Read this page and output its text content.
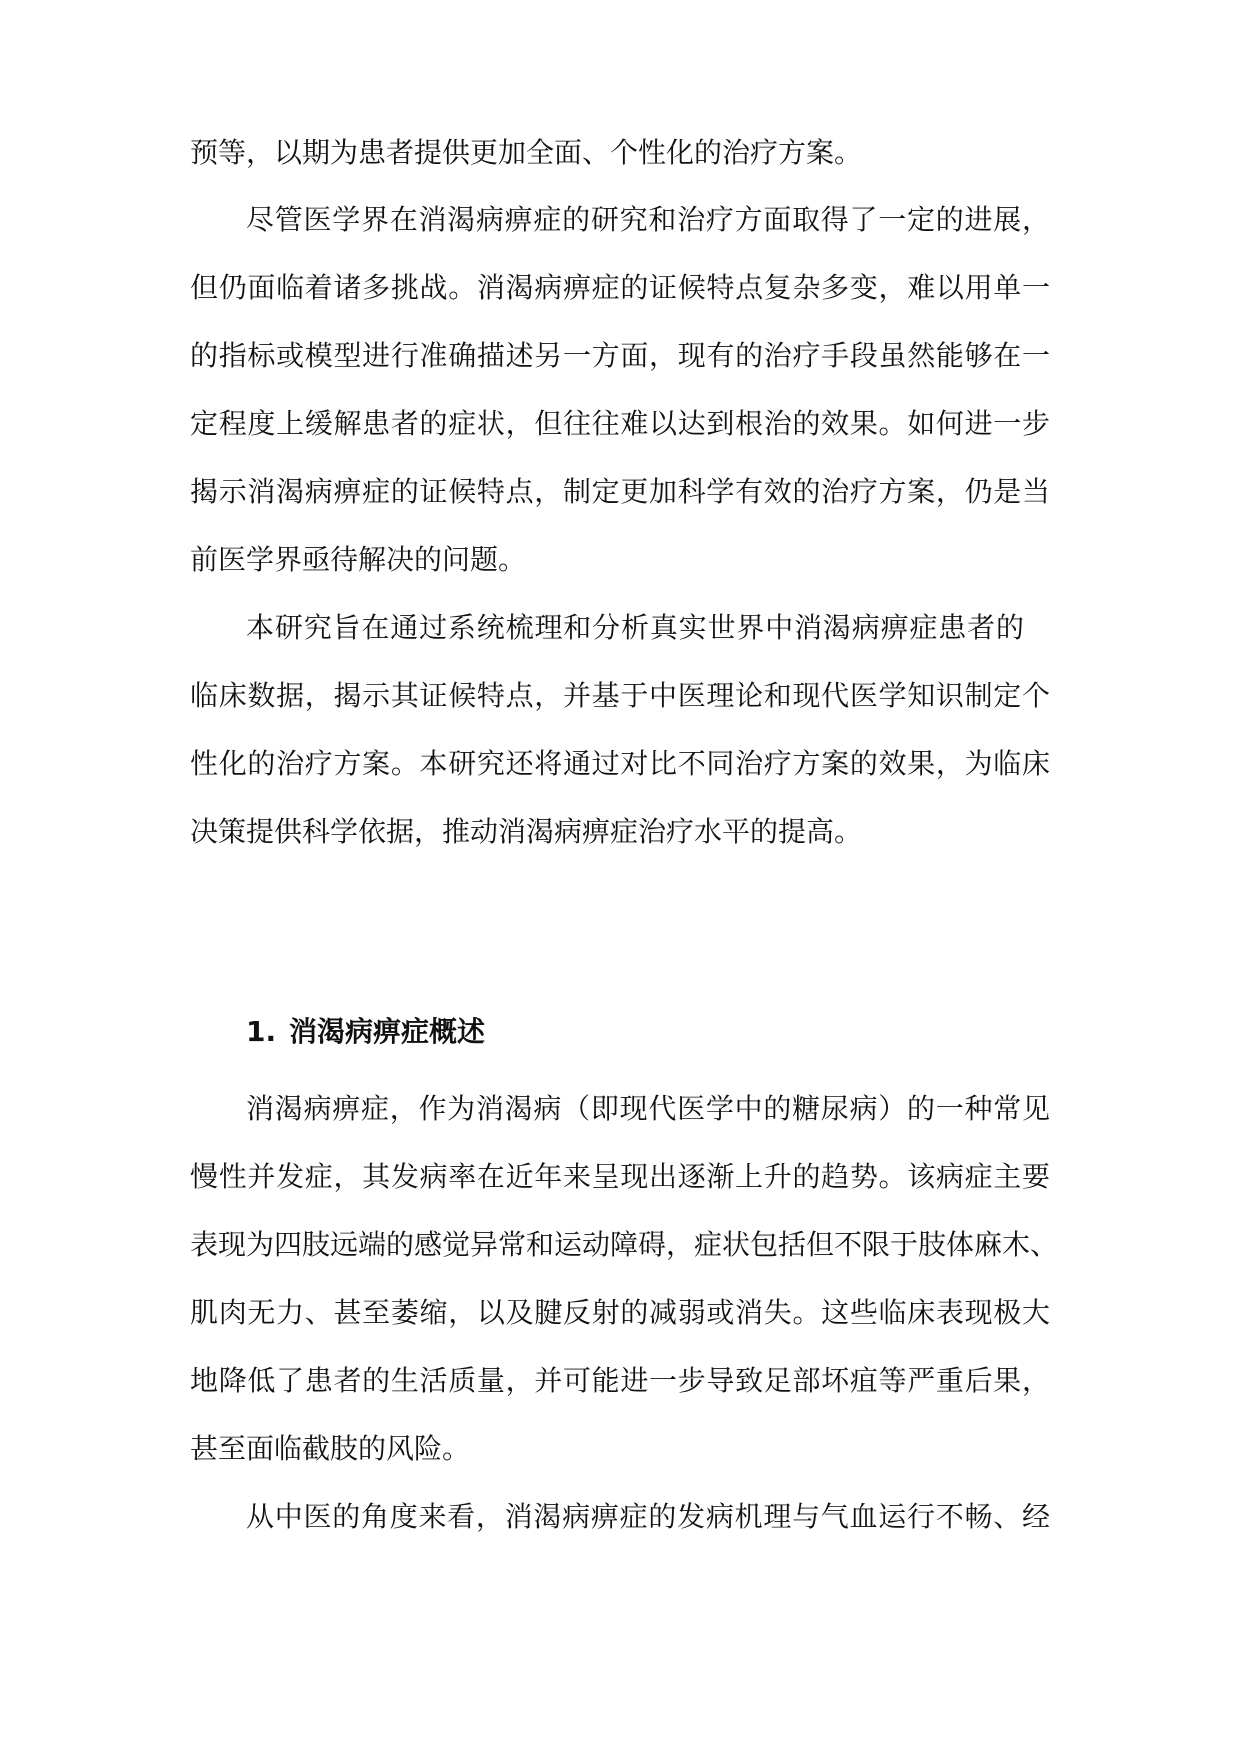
预等，以期为患者提供更加全面、个性化的治疗方案。
尽管医学界在消渴病痹症的研究和治疗方面取得了一定的进展，
但仍面临着诸多挑战。消渴病痹症的证候特点复杂多变，难以用单一
的指标或模型进行准确描述另一方面，现有的治疗手段虽然能够在一
定程度上缓解患者的症状，但往往难以达到根治的效果。如何进一步
揭示消渴病痹症的证候特点，制定更加科学有效的治疗方案，仍是当
前医学界亟待解决的问题。
本研究旨在通过系统梳理和分析真实世界中消渴病痹症患者的
临床数据，揭示其证候特点，并基于中医理论和现代医学知识制定个
性化的治疗方案。本研究还将通过对比不同治疗方案的效果，为临床
决策提供科学依据，推动消渴病痹症治疗水平的提高。
1. 消渴病痹症概述
消渴病痹症，作为消渴病（即现代医学中的糖尿病）的一种常见
慢性并发症，其发病率在近年来呈现出逐渐上升的趋势。该病症主要
表现为四肢远端的感觉异常和运动障碍，症状包括但不限于肢体麻木、
肌肉无力、甚至萎缩，以及腱反射的减弱或消失。这些临床表现极大
地降低了患者的生活质量，并可能进一步导致足部坏疽等严重后果，
甚至面临截肢的风险。
从中医的角度来看，消渴病痹症的发病机理与气血运行不畅、经
